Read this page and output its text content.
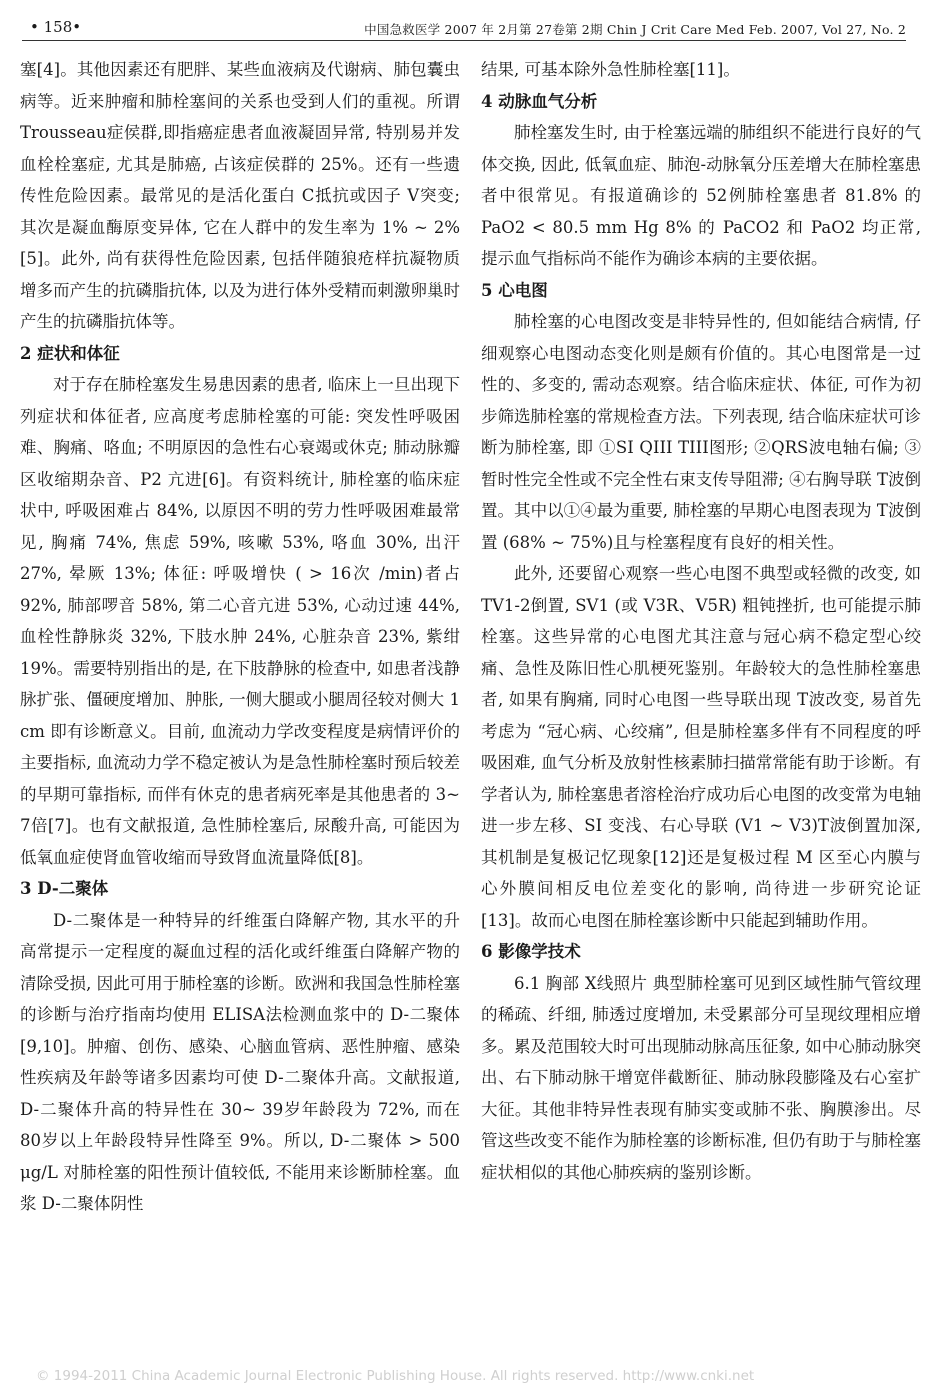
• 158•	中国急救医学 2007 年 2月第 27卷第 2期 Chin J Crit Care Med Feb. 2007, Vol 27, No. 2

塞[4]。其他因素还有肥胖、某些血液病及代谢病、肺包囊虫病等。近来肿瘤和肺栓塞间的关系也受到人们的重视。所谓 Trousseau症侯群,即指癌症患者血液凝固异常, 特别易并发血栓栓塞症, 尤其是肺癌, 占该症侯群的 25%。还有一些遗传性危险因素。最常见的是活化蛋白 C抵抗或因子 V突变; 其次是凝血酶原变异体, 它在人群中的发生率为 1% ~ 2%[5]。此外, 尚有获得性危险因素, 包括伴随狼疮样抗凝物质增多而产生的抗磷脂抗体, 以及为进行体外受精而刺激卵巢时产生的抗磷脂抗体等。

2 症状和体征

对于存在肺栓塞发生易患因素的患者, 临床上一旦出现下列症状和体征者, 应高度考虑肺栓塞的可能: 突发性呼吸困难、胸痛、咯血; 不明原因的急性右心衰竭或休克; 肺动脉瓣区收缩期杂音、P2 亢进[6]。有资料统计, 肺栓塞的临床症状中, 呼吸困难占 84%, 以原因不明的劳力性呼吸困难最常见, 胸痛 74%, 焦虑 59%, 咳嗽 53%, 咯血 30%, 出汗 27%, 晕厥 13%; 体征: 呼吸增快 ( > 16次 /min)者占 92%, 肺部啰音 58%, 第二心音亢进 53%, 心动过速 44%, 血栓性静脉炎 32%, 下肢水肿 24%, 心脏杂音 23%, 紫绀 19%。需要特别指出的是, 在下肢静脉的检查中, 如患者浅静脉扩张、僵硬度增加、肿胀, 一侧大腿或小腿周径较对侧大 1 cm 即有诊断意义。目前, 血流动力学改变程度是病情评价的主要指标, 血流动力学不稳定被认为是急性肺栓塞时预后较差的早期可靠指标, 而伴有休克的患者病死率是其他患者的 3~ 7倍[7]。也有文献报道, 急性肺栓塞后, 尿酸升高, 可能因为低氧血症使肾血管收缩而导致肾血流量降低[8]。

3 D-二聚体

D-二聚体是一种特异的纤维蛋白降解产物, 其水平的升高常提示一定程度的凝血过程的活化或纤维蛋白降解产物的清除受损, 因此可用于肺栓塞的诊断。欧洲和我国急性肺栓塞的诊断与治疗指南均使用 ELISA法检测血浆中的 D-二聚体[9,10]。肿瘤、创伤、感染、心脑血管病、恶性肿瘤、感染性疾病及年龄等诸多因素均可使 D-二聚体升高。文献报道, D-二聚体升高的特异性在 30~ 39岁年龄段为 72%, 而在 80岁以上年龄段特异性降至 9%。所以, D-二聚体 > 500 μg/L 对肺栓塞的阳性预计值较低, 不能用来诊断肺栓塞。血浆 D-二聚体阴性

结果, 可基本除外急性肺栓塞[11]。

4 动脉血气分析

肺栓塞发生时, 由于栓塞远端的肺组织不能进行良好的气体交换, 因此, 低氧血症、肺泡-动脉氧分压差增大在肺栓塞患者中很常见。有报道确诊的 52例肺栓塞患者 81.8% 的 PaO2 < 80.5 mm Hg 8% 的 PaCO2 和 PaO2 均正常, 提示血气指标尚不能作为确诊本病的主要依据。

5 心电图

肺栓塞的心电图改变是非特异性的, 但如能结合病情, 仔细观察心电图动态变化则是颇有价值的。其心电图常是一过性的、多变的, 需动态观察。结合临床症状、体征, 可作为初步筛选肺栓塞的常规检查方法。下列表现, 结合临床症状可诊断为肺栓塞, 即 ①SI QIII TIII图形; ②QRS波电轴右偏; ③暂时性完全性或不完全性右束支传导阻滞; ④右胸导联 T波倒置。其中以①④最为重要, 肺栓塞的早期心电图表现为 T波倒置 (68% ~ 75%)且与栓塞程度有良好的相关性。

此外, 还要留心观察一些心电图不典型或轻微的改变, 如 TV1-2倒置, SV1 (或 V3R、V5R) 粗钝挫折, 也可能提示肺栓塞。这些异常的心电图尤其注意与冠心病不稳定型心绞痛、急性及陈旧性心肌梗死鉴别。年龄较大的急性肺栓塞患者, 如果有胸痛, 同时心电图一些导联出现 T波改变, 易首先考虑为 “冠心病、心绞痛”, 但是肺栓塞多伴有不同程度的呼吸困难, 血气分析及放射性核素肺扫描常常能有助于诊断。有学者认为, 肺栓塞患者溶栓治疗成功后心电图的改变常为电轴进一步左移、SI 变浅、右心导联 (V1 ~ V3)T波倒置加深, 其机制是复极记忆现象[12]还是复极过程 M 区至心内膜与心外膜间相反电位差变化的影响, 尚待进一步研究论证[13]。故而心电图在肺栓塞诊断中只能起到辅助作用。

6 影像学技术

6.1 胸部 X线照片 典型肺栓塞可见到区域性肺气管纹理的稀疏、纤细, 肺透过度增加, 未受累部分可呈现纹理相应增多。累及范围较大时可出现肺动脉高压征象, 如中心肺动脉突出、右下肺动脉干增宽伴截断征、肺动脉段膨隆及右心室扩大征。其他非特异性表现有肺实变或肺不张、胸膜渗出。尽管这些改变不能作为肺栓塞的诊断标准, 但仍有助于与肺栓塞症状相似的其他心肺疾病的鉴别诊断。

© 1994-2011 China Academic Journal Electronic Publishing House. All rights reserved. http://www.cnki.net
